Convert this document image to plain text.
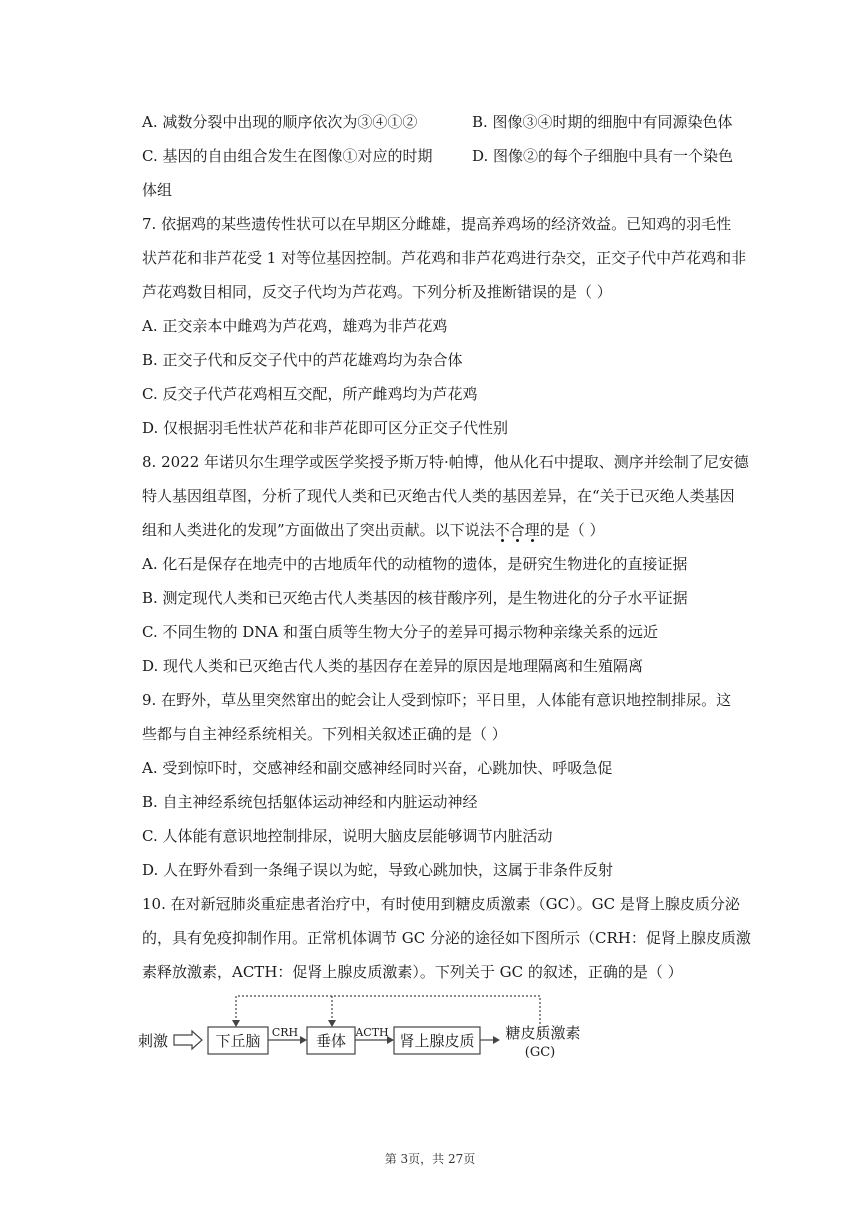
A. 减数分裂中出现的顺序依次为③④①②	B. 图像③④时期的细胞中有同源染色体
C. 基因的自由组合发生在图像①对应的时期	D. 图像②的每个子细胞中具有一个染色
体组
7. 依据鸡的某些遗传性状可以在早期区分雌雄，提高养鸡场的经济效益。已知鸡的羽毛性
状芦花和非芦花受 1 对等位基因控制。芦花鸡和非芦花鸡进行杂交，正交子代中芦花鸡和非
芦花鸡数目相同，反交子代均为芦花鸡。下列分析及推断错误的是（ ）
A. 正交亲本中雌鸡为芦花鸡，雄鸡为非芦花鸡
B. 正交子代和反交子代中的芦花雄鸡均为杂合体
C. 反交子代芦花鸡相互交配，所产雌鸡均为芦花鸡
D. 仅根据羽毛性状芦花和非芦花即可区分正交子代性别
8. 2022 年诺贝尔生理学或医学奖授予斯万特·帕博，他从化石中提取、测序并绘制了尼安德
特人基因组草图，分析了现代人类和已灭绝古代人类的基因差异，在“关于已灭绝人类基因
组和人类进化的发现”方面做出了突出贡献。以下说法不合理
的是（ ）
A. 化石是保存在地壳中的古地质年代的动植物的遗体，是研究生物进化的直接证据
B. 测定现代人类和已灭绝古代人类基因的核苷酸序列，是生物进化的分子水平证据
C. 不同生物的 DNA 和蛋白质等生物大分子的差异可揭示物种亲缘关系的远近
D. 现代人类和已灭绝古代人类的基因存在差异的原因是地理隔离和生殖隔离
9. 在野外，草丛里突然窜出的蛇会让人受到惊吓；平日里，人体能有意识地控制排尿。这
些都与自主神经系统相关。下列相关叙述正确的是（ ）
A. 受到惊吓时，交感神经和副交感神经同时兴奋，心跳加快、呼吸急促
B. 自主神经系统包括躯体运动神经和内脏运动神经
C. 人体能有意识地控制排尿，说明大脑皮层能够调节内脏活动
D. 人在野外看到一条绳子误以为蛇，导致心跳加快，这属于非条件反射
10. 在对新冠肺炎重症患者治疗中，有时使用到糖皮质激素（GC）。GC 是肾上腺皮质分泌
的，具有免疫抑制作用。正常机体调节 GC 分泌的途径如下图所示（CRH：促肾上腺皮质激
素释放激素，ACTH：促肾上腺皮质激素）。下列关于 GC 的叙述，正确的是（ ）
刺激	下丘脑 CRH 垂体 ACTH 肾上腺皮质 糖皮质激素
(GC)
第 3页，共 27页
